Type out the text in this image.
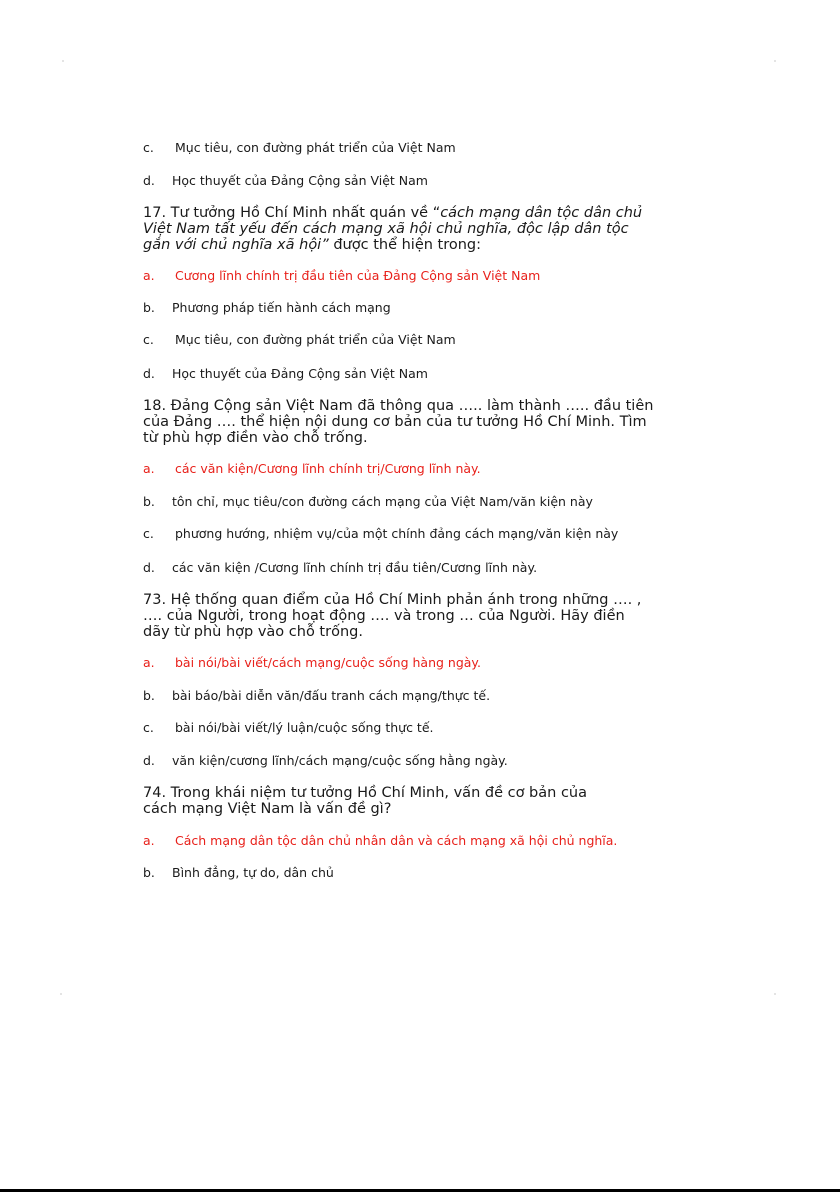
c. Mục tiêu, con đường phát triển của Việt Nam
d. Học thuyết của Đảng Cộng sản Việt Nam
17. Tư tưởng Hồ Chí Minh nhất quán về “cách mạng dân tộc dân chủ
Việt Nam tất yếu đến cách mạng xã hội chủ nghĩa, độc lập dân tộc
gắn với chủ nghĩa xã hội” được thể hiện trong:
a. Cương lĩnh chính trị đầu tiên của Đảng Cộng sản Việt Nam
b. Phương pháp tiến hành cách mạng
c. Mục tiêu, con đường phát triển của Việt Nam
d. Học thuyết của Đảng Cộng sản Việt Nam
18. Đảng Cộng sản Việt Nam đã thông qua ….. làm thành ….. đầu tiên
của Đảng …. thể hiện nội dung cơ bản của tư tưởng Hồ Chí Minh. Tìm
từ phù hợp điền vào chỗ trống.
a. các văn kiện/Cương lĩnh chính trị/Cương lĩnh này.
b. tôn chỉ, mục tiêu/con đường cách mạng của Việt Nam/văn kiện này
c. phương hướng, nhiệm vụ/của một chính đảng cách mạng/văn kiện này
d. các văn kiện /Cương lĩnh chính trị đầu tiên/Cương lĩnh này.
73. Hệ thống quan điểm của Hồ Chí Minh phản ánh trong những …. ,
…. của Người, trong hoạt động …. và trong … của Người. Hãy điền
dãy từ phù hợp vào chỗ trống.
a. bài nói/bài viết/cách mạng/cuộc sống hàng ngày.
b. bài báo/bài diễn văn/đấu tranh cách mạng/thực tế.
c. bài nói/bài viết/lý luận/cuộc sống thực tế.
d. văn kiện/cương lĩnh/cách mạng/cuộc sống hằng ngày.
74. Trong khái niệm tư tưởng Hồ Chí Minh, vấn đề cơ bản của
cách mạng Việt Nam là vấn đề gì?
a. Cách mạng dân tộc dân chủ nhân dân và cách mạng xã hội chủ nghĩa.
b. Bình đẳng, tự do, dân chủ
